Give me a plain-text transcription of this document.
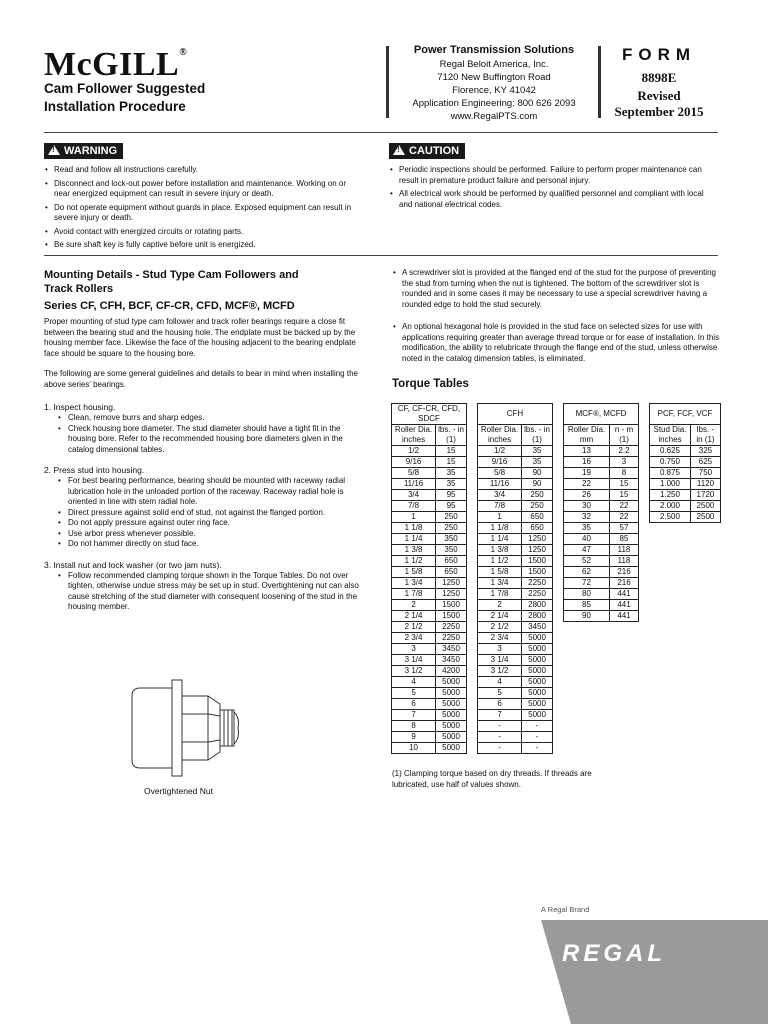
McGILL®
Cam Follower Suggested
Installation Procedure
Power Transmission Solutions
Regal Beloit America, Inc.
7120 New Buffington Road
Florence, KY 41042
Application Engineering: 800 626 2093
www.RegalPTS.com
FORM
8898E
Revised
September 2015
!WARNING
• Read and follow all instructions carefully.
• Disconnect and lock-out power before installation and maintenance. Working on or near energized equipment can result in severe injury or death.
• Do not operate equipment without guards in place. Exposed equipment can result in severe injury or death.
• Avoid contact with energized circuits or rotating parts.
• Be sure shaft key is fully captive before unit is energized.
!CAUTION
• Periodic inspections should be performed. Failure to perform proper maintenance can result in premature product failure and personal injury.
• All electrical work should be performed by qualified personnel and compliant with local and national electrical codes.
Mounting Details - Stud Type Cam Followers and
Track Rollers
Series CF, CFH, BCF, CF-CR, CFD, MCF®, MCFD
Proper mounting of stud type cam follower and track roller bearings require a close fit between the bearing stud and the housing hole. The endplate must be backed up by the housing member face. Likewise the face of the housing adjacent to the bearing endplate face should be square to the housing bore.
The following are some general guidelines and details to bear in mind when installing the above series' bearings.
1. Inspect housing.
• Clean, remove burrs and sharp edges.
• Check housing bore diameter. The stud diameter should have a tight fit in the housing bore. Refer to the recommended housing bore diameters given in the catalog dimensional tables.
2. Press stud into housing.
• For best bearing performance, bearing should be mounted with raceway radial lubrication hole in the unloaded portion of the raceway. Raceway radial hole is oriented in line with stem radial hole.
• Direct pressure against solid end of stud, not against the flanged portion.
• Do not apply pressure against outer ring face.
• Use arbor press whenever possible.
• Do not hammer directly on stud face.
3. Install nut and lock washer (or two jam nuts).
• Follow recommended clamping torque shown in the Torque Tables. Do not over tighten, otherwise undue stress may be set up in stud. Overtightening nut can also cause stretching of the stud diameter with consequent loosening of the stud in the housing member.
Overtightened Nut
• A screwdriver slot is provided at the flanged end of the stud for the purpose of preventing the stud from turning when the nut is tightened. The bottom of the screwdriver slot is rounded and in some cases it may be necessary to use a special screwdriver having a rounded edge to hold the stud securely.
• An optional hexagonal hole is provided in the stud face on selected sizes for use with applications requiring greater than average thread torque or for ease of installation. In this modification, the ability to relubricate through the flange end of the stud, unless otherwise noted in the catalog dimension tables, is eliminated.
Torque Tables
CF, CF-CR, CFD, SDCF	
Roller Dia. inches	lbs. - in (1)
1/2	15
9/16	15
5/8	35
11/16	35
3/4	95
7/8	95
1	250
1 1/8	250
1 1/4	350
1 3/8	350
1 1/2	650
1 5/8	650
1 3/4	1250
1 7/8	1250
2	1500
2 1/4	1500
2 1/2	2250
2 3/4	2250
3	3450
3 1/4	3450
3 1/2	4200
4	5000
5	5000
6	5000
7	5000
8	5000
9	5000
10	5000
CFH	
Roller Dia. inches	lbs. - in (1)
1/2	35
9/16	35
5/8	90
11/16	90
3/4	250
7/8	250
1	650
1 1/8	650
1 1/4	1250
1 3/8	1250
1 1/2	1500
1 5/8	1500
1 3/4	2250
1 7/8	2250
2	2800
2 1/4	2800
2 1/2	3450
2 3/4	5000
3	5000
3 1/4	5000
3 1/2	5000
4	5000
5	5000
6	5000
7	5000
-	-
-	-
-	-
MCF®, MCFD	
Roller Dia. mm	n - m (1)
13	2.2
16	3
19	8
22	15
26	15
30	22
32	22
35	57
40	85
47	118
52	118
62	216
72	216
80	441
85	441
90	441
PCF, FCF, VCF	
Stud Dia. inches	lbs. - in (1)
0.625	325
0.750	625
0.875	750
1.000	1120
1.250	1720
2.000	2500
2.500	2500
(1) Clamping torque based on dry threads. If threads are lubricated, use half of values shown.
A Regal Brand
REGAL
